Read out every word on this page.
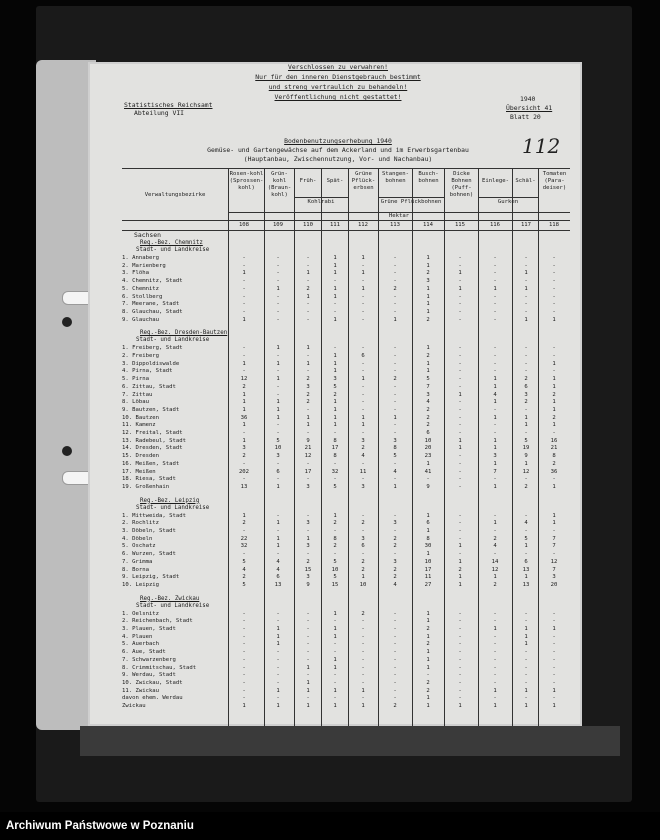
Statistisches Reichsamt
Abteilung VII
Verschlossen zu verwahren!
Nur für den inneren Dienstgebrauch bestimmt
und streng vertraulich zu behandeln!
Veröffentlichung nicht gestattet!	1940
Übersicht 41
Blatt 20
112
Bodenbenutzungserhebung 1940
Gemüse- und Gartengewächse auf dem Ackerland und im Erwerbsgartenbau
(Hauptanbau, Zwischennutzung, Vor- und Nachanbau)
Verwaltungsbezirke
Rosen-kohl (Sprossen-kohl)
Grün-kohl (Braun-kohl)
Früh-	Spät-
Grüne Pflück-erbsen
Stangen-bohnen
Busch-bohnen
Dicke Bohnen (Puff-bohnen)
Einlege-	Schäl-
Tomaten (Para-deiser)
Kohlrabi	Grüne Pflückbohnen	Gurken
Hektar
108	109	110	111	112	113	114	115	116	117	118
Sachsen
Reg.-Bez. Chemnitz
Stadt- und Landkreise
1. Annaberg	-	-	-	1	1	-	1	-	-	-	-
2. Marienberg	-	-	-	1	-	-	1	-	-	-	-
3. Flöha	1	-	1	1	1	-	2	1	-	1	-
4. Chemnitz, Stadt	-	-	-	-	-	-	3	-	-	-	-
5. Chemnitz	-	1	2	1	1	2	1	1	1	1	-
6. Stollberg	-	-	1	1	-	-	1	-	-	-	-
7. Meerane, Stadt	-	-	-	-	-	-	1	-	-	-	-
8. Glauchau, Stadt	-	-	-	-	-	-	1	-	-	-	-
9. Glauchau	1	-	-	1	-	1	2	-	-	1	1
Reg.-Bez. Dresden-Bautzen
Stadt- und Landkreise
1. Freiberg, Stadt	-	1	1	-	-	-	1	-	-	-	-
2. Freiberg	-	-	-	1	6	-	2	-	-	-	-
3. Dippoldiswalde	1	1	1	1	-	-	1	-	-	-	1
4. Pirna, Stadt	-	-	-	1	-	-	1	-	-	-	-
5. Pirna	12	1	2	3	1	2	5	-	1	2	1
6. Zittau, Stadt	2	-	3	5	-	-	7	-	1	6	1
7. Zittau	1	-	2	2	-	-	3	1	4	3	2
8. Löbau	1	1	2	1	-	-	4	-	1	2	1
9. Bautzen, Stadt	1	1	-	1	-	-	2	-	-	-	1
10. Bautzen	36	1	1	1	1	1	2	-	1	1	2
11. Kamenz	1	-	1	1	1	-	2	-	-	1	1
12. Freital, Stadt	-	-	-	-	-	-	6	-	-	-	-
13. Radebeul, Stadt	1	5	9	8	3	3	10	1	1	5	16
14. Dresden, Stadt	3	10	21	17	2	8	20	1	1	19	21
15. Dresden	2	3	12	8	4	5	23	-	3	9	8
16. Meißen, Stadt	-	-	-	-	-	-	1	-	1	1	2
17. Meißen	202	6	17	32	11	4	41	-	7	12	36
18. Riesa, Stadt	-	-	-	-	-	-	-	-	-	-	-
19. Großenhain	13	1	3	5	3	1	9	-	1	2	1
Reg.-Bez. Leipzig
Stadt- und Landkreise
1. Mittweida, Stadt	1	-	-	1	-	-	1	-	-	-	1
2. Rochlitz	2	1	3	2	2	3	6	-	1	4	1
3. Döbeln, Stadt	-	-	-	-	-	-	1	-	-	-	-
4. Döbeln	22	1	1	8	3	2	8	-	2	5	7
5. Oschatz	32	1	3	2	6	2	30	1	4	1	7
6. Wurzen, Stadt	-	-	-	-	-	-	1	-	-	-	-
7. Grimma	5	4	2	5	2	3	10	1	14	6	12
8. Borna	4	4	15	10	2	2	17	2	12	13	7
9. Leipzig, Stadt	2	6	3	5	1	2	11	1	1	1	3
10. Leipzig	5	13	9	15	10	4	27	1	2	13	20
Reg.-Bez. Zwickau
Stadt- und Landkreise
1. Oelsnitz	-	-	-	1	2	-	1	-	-	-	-
2. Reichenbach, Stadt	-	-	-	-	-	-	1	-	-	-	-
3. Plauen, Stadt	-	1	-	1	-	-	2	-	1	1	1
4. Plauen	-	1	-	1	-	-	1	-	-	1	-
5. Auerbach	-	1	-	-	-	-	2	-	-	1	-
6. Aue, Stadt	-	-	-	-	-	-	1	-	-	-	-
7. Schwarzenberg	-	-	-	1	-	-	1	-	-	-	-
8. Crimmitschau, Stadt	-	-	1	1	-	-	1	-	-	-	-
9. Werdau, Stadt	-	-	-	-	-	-	-	-	-	-	-
10. Zwickau, Stadt	-	-	1	-	-	-	2	-	-	-	-
11. Zwickau	-	1	1	1	1	-	2	-	1	1	1
davon ehem. Werdau	-	-	-	-	-	-	1	-	-	-	-
Zwickau	1	1	1	1	1	2	1	1	1	1	1
Archiwum Państwowe w Poznaniu
